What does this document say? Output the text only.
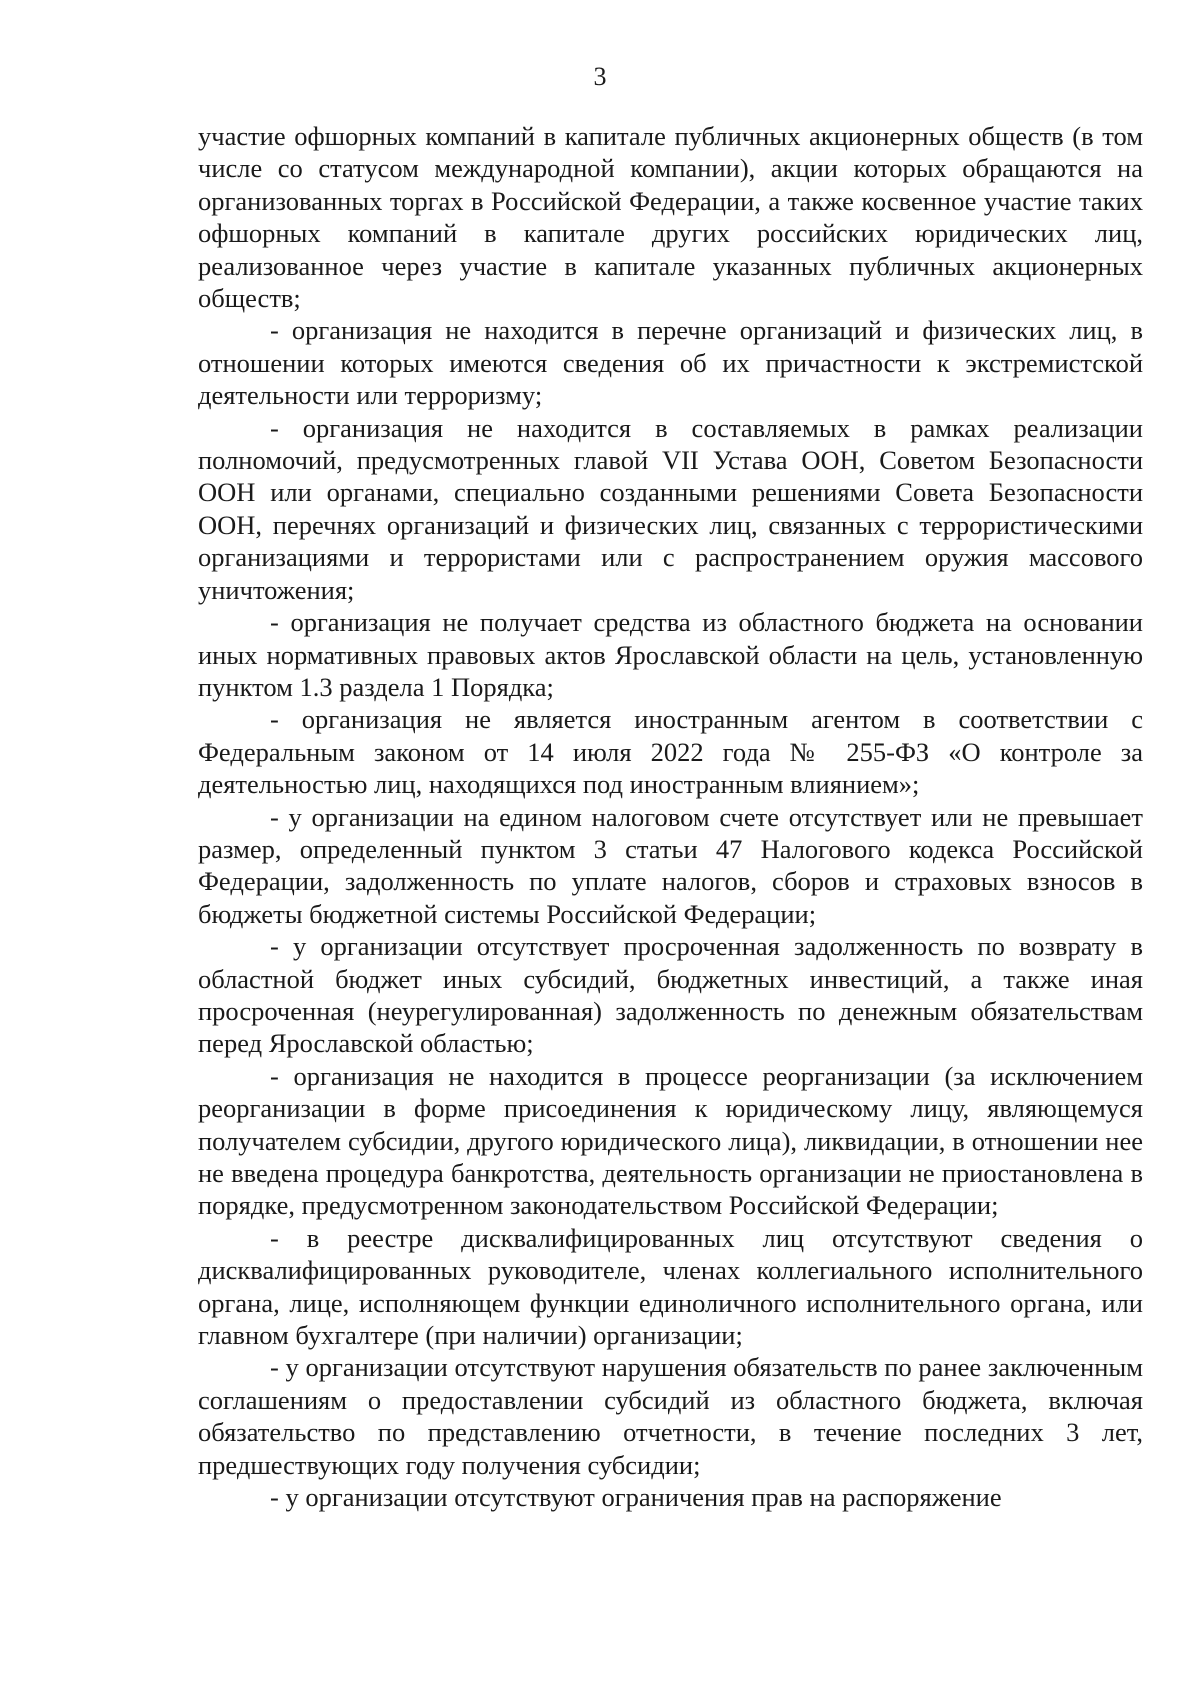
3

участие офшорных компаний в капитале публичных акционерных обществ (в том числе со статусом международной компании), акции которых обращаются на организованных торгах в Российской Федерации, а также косвенное участие таких офшорных компаний в капитале других российских юридических лиц, реализованное через участие в капитале указанных публичных акционерных обществ;

- организация не находится в перечне организаций и физических лиц, в отношении которых имеются сведения об их причастности к экстремистской деятельности или терроризму;

- организация не находится в составляемых в рамках реализации полномочий, предусмотренных главой VII Устава ООН, Советом Безопасности ООН или органами, специально созданными решениями Совета Безопасности ООН, перечнях организаций и физических лиц, связанных с террористическими организациями и террористами или с распространением оружия массового уничтожения;

- организация не получает средства из областного бюджета на основании иных нормативных правовых актов Ярославской области на цель, установленную пунктом 1.3 раздела 1 Порядка;

- организация не является иностранным агентом в соответствии с Федеральным законом от 14 июля 2022 года № 255-ФЗ «О контроле за деятельностью лиц, находящихся под иностранным влиянием»;

- у организации на едином налоговом счете отсутствует или не превышает размер, определенный пунктом 3 статьи 47 Налогового кодекса Российской Федерации, задолженность по уплате налогов, сборов и страховых взносов в бюджеты бюджетной системы Российской Федерации;

- у организации отсутствует просроченная задолженность по возврату в областной бюджет иных субсидий, бюджетных инвестиций, а также иная просроченная (неурегулированная) задолженность по денежным обязательствам перед Ярославской областью;

- организация не находится в процессе реорганизации (за исключением реорганизации в форме присоединения к юридическому лицу, являющемуся получателем субсидии, другого юридического лица), ликвидации, в отношении нее не введена процедура банкротства, деятельность организации не приостановлена в порядке, предусмотренном законодательством Российской Федерации;

- в реестре дисквалифицированных лиц отсутствуют сведения о дисквалифицированных руководителе, членах коллегиального исполнительного органа, лице, исполняющем функции единоличного исполнительного органа, или главном бухгалтере (при наличии) организации;

- у организации отсутствуют нарушения обязательств по ранее заключенным соглашениям о предоставлении субсидий из областного бюджета, включая обязательство по представлению отчетности, в течение последних 3 лет, предшествующих году получения субсидии;

- у организации отсутствуют ограничения прав на распоряжение
